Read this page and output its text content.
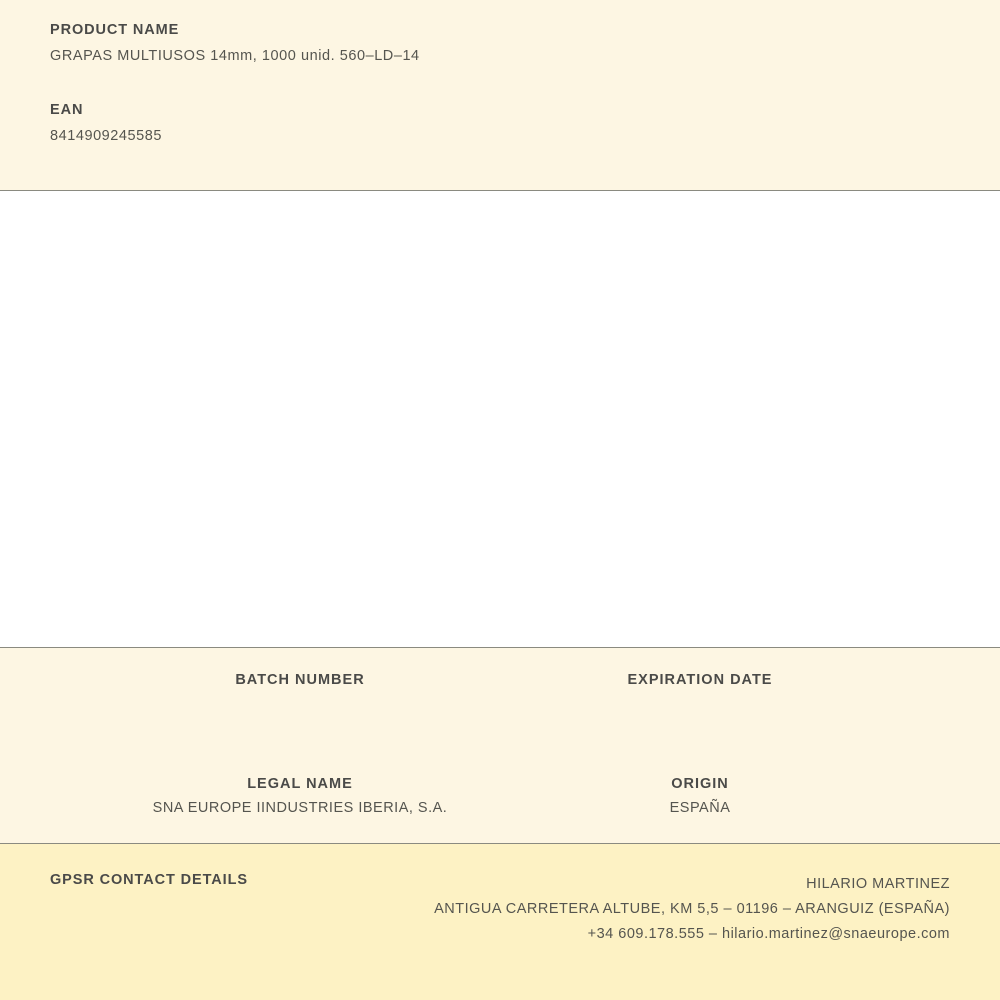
PRODUCT NAME
GRAPAS MULTIUSOS 14mm, 1000 unid. 560–LD–14
EAN
8414909245585
BATCH NUMBER	EXPIRATION DATE
LEGAL NAME
SNA EUROPE IINDUSTRIES IBERIA, S.A.
ORIGIN
ESPAÑA
GPSR CONTACT DETAILS	HILARIO MARTINEZ
ANTIGUA CARRETERA ALTUBE, KM 5,5 – 01196 – ARANGUIZ (ESPAÑA)
+34 609.178.555 – hilario.martinez@snaeurope.com
